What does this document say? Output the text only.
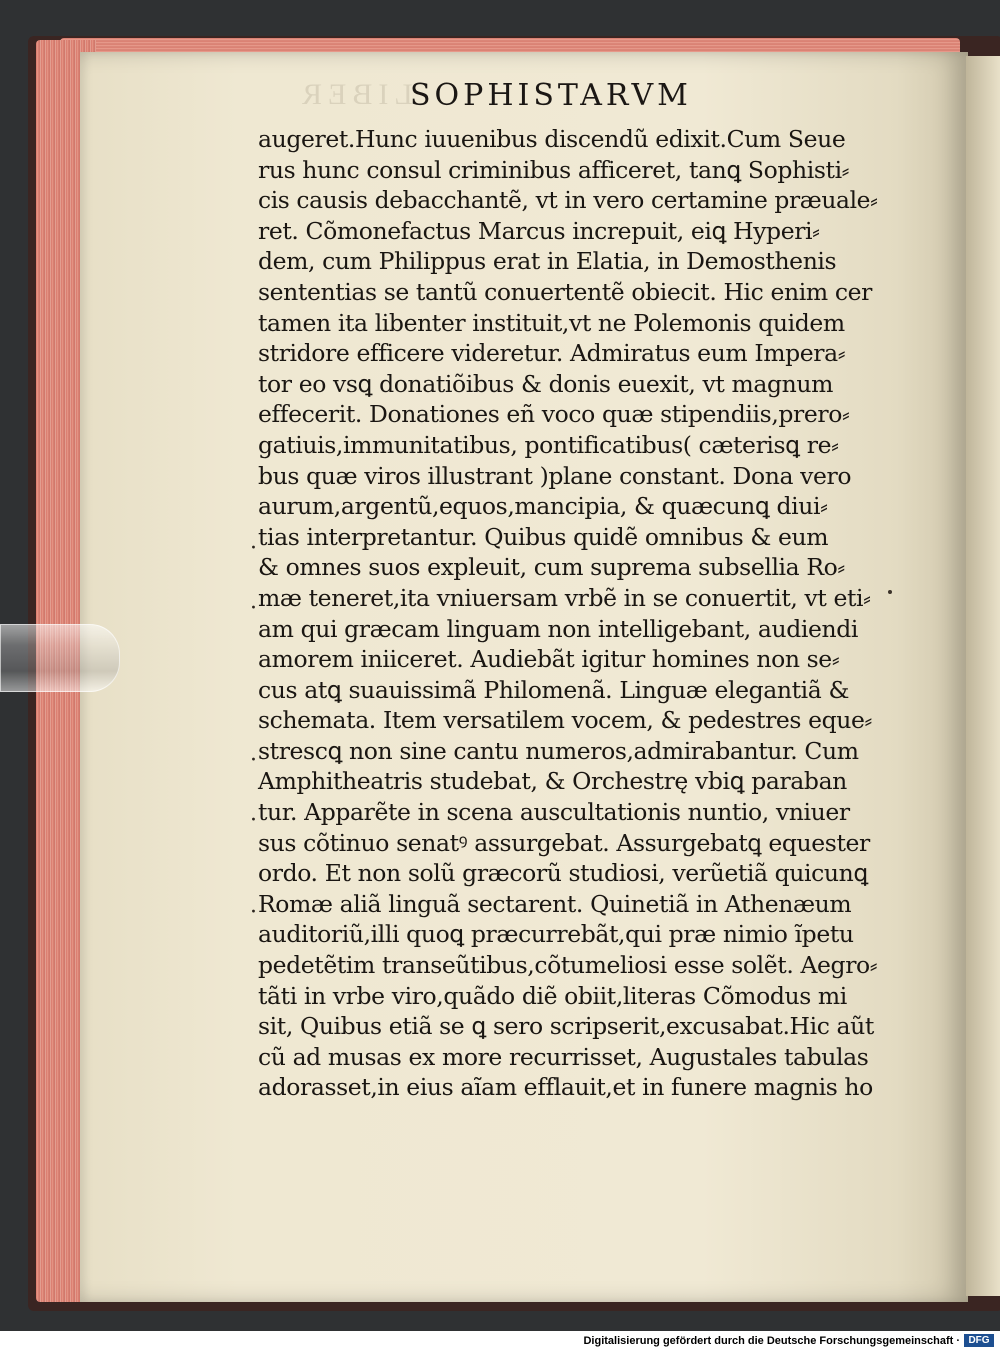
LIBER
SOPHISTARVM
augeret.Hunc iuuenibus discendũ edixit.Cum Seue
rus hunc consul criminibus afficeret, tanꝗ Sophisti⸗
cis causis debacchantẽ, vt in vero certamine præuale⸗
ret. Cõmonefactus Marcus increpuit, eiꝗ Hyperi⸗
dem, cum Philippus erat in Elatia, in Demosthenis
sententias se tantũ conuertentẽ obiecit. Hic enim cer
tamen ita libenter instituit,vt ne Polemonis quidem
stridore efficere videretur. Admiratus eum Impera⸗
tor eo vsꝗ donatiõibus & donis euexit, vt magnum
effecerit. Donationes eñ voco quæ stipendiis,prero⸗
gatiuis,immunitatibus, pontificatibus( cæterisꝗ re⸗
bus quæ viros illustrant )plane constant. Dona vero
aurum,argentũ,equos,mancipia, & quæcunꝗ diui⸗
tias interpretantur. Quibus quidẽ omnibus & eum
& omnes suos expleuit, cum suprema subsellia Ro⸗
mæ teneret,ita vniuersam vrbẽ in se conuertit, vt eti⸗
am qui græcam linguam non intelligebant, audiendi
amorem iniiceret. Audiebãt igitur homines non se⸗
cus atꝗ suauissimã Philomenã. Linguæ elegantiã &
schemata. Item versatilem vocem, & pedestres eque⸗
strescꝗ non sine cantu numeros,admirabantur. Cum
Amphitheatris studebat, & Orchestrę vbiꝗ paraban
tur. Apparẽte in scena auscultationis nuntio, vniuer
sus cõtinuo senatꝰ assurgebat. Assurgebatꝗ equester
ordo. Et non solũ græcorũ studiosi, verũetiã quicunꝗ
Romæ aliã linguã sectarent. Quinetiã in Athenæum
auditoriũ,illi quoꝗ præcurrebãt,qui præ nimio ĩpetu
pedetẽtim transeũtibus,cõtumeliosi esse solẽt. Aegro⸗
tãti in vrbe viro,quãdo diẽ obiit,literas Cõmodus mi
sit, Quibus etiã se ꝗ sero scripserit,excusabat.Hic aũt
cũ ad musas ex more recurrisset, Augustales tabulas
adorasset,in eius aĩam efflauit,et in funere magnis ho
·
·
·
·
·
Digitalisierung gefördert durch die Deutsche Forschungsgemeinschaft · DFG
